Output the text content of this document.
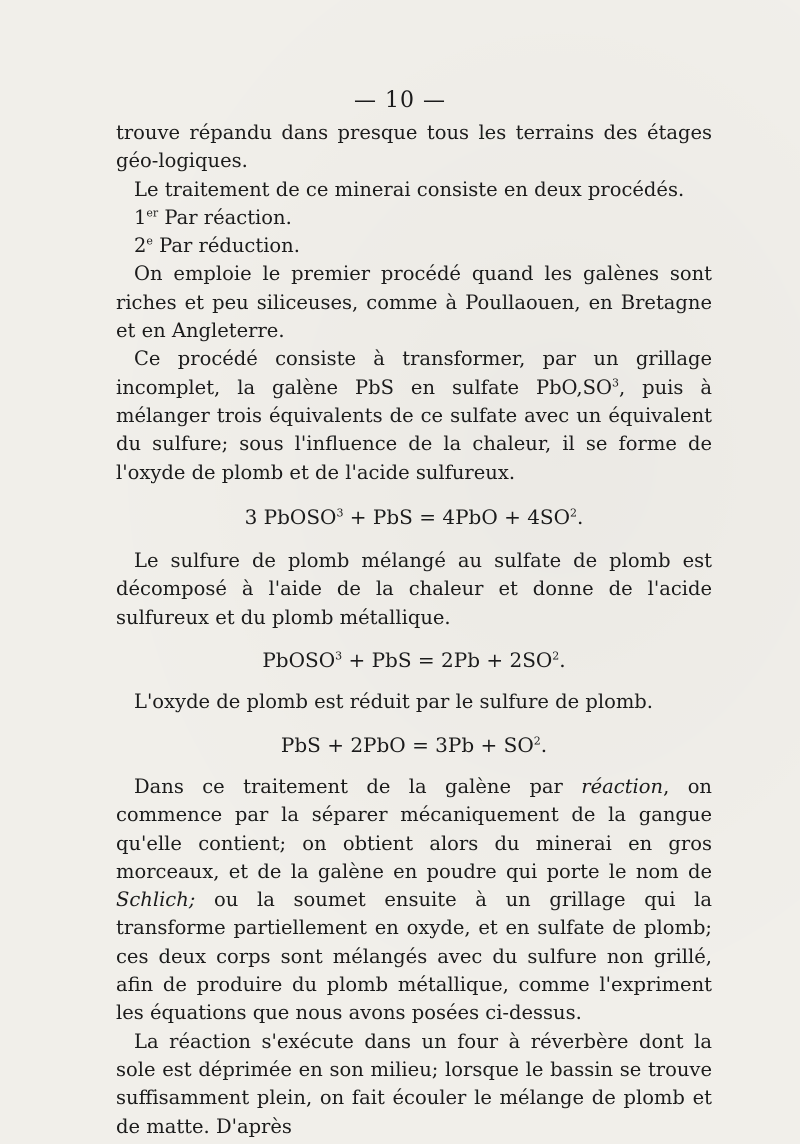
— 10 —

trouve répandu dans presque tous les terrains des étages géo-logiques.

Le traitement de ce minerai consiste en deux procédés.

1er Par réaction.

2e Par réduction.

On emploie le premier procédé quand les galènes sont riches et peu siliceuses, comme à Poullaouen, en Bretagne et en Angleterre.

Ce procédé consiste à transformer, par un grillage incomplet, la galène PbS en sulfate $PbO,SO^3$, puis à mélanger trois équivalents de ce sulfate avec un équivalent du sulfure; sous l'influence de la chaleur, il se forme de l'oxyde de plomb et de l'acide sulfureux.

3 PbOSO$^3$ + PbS = $4PbO + 4SO^2$.

Le sulfure de plomb mélangé au sulfate de plomb est décomposé à l'aide de la chaleur et donne de l'acide sulfureux et du plomb métallique.

PbOSO$^3$ + PbS = $2Pb + 2SO^2$.

L'oxyde de plomb est réduit par le sulfure de plomb.

PbS + $2PbO = 3Pb + SO^2$.

Dans ce traitement de la galène par réaction, on commence par la séparer mécaniquement de la gangue qu'elle contient; on obtient alors du minerai en gros morceaux, et de la galène en poudre qui porte le nom de Schlich; ou la soumet ensuite à un grillage qui la transforme partiellement en oxyde, et en sulfate de plomb; ces deux corps sont mélangés avec du sulfure non grillé, afin de produire du plomb métallique, comme l'expriment les équations que nous avons posées ci-dessus.

La réaction s'exécute dans un four à réverbère dont la sole est déprimée en son milieu; lorsque le bassin se trouve suffisamment plein, on fait écouler le mélange de plomb et de matte. D'après
